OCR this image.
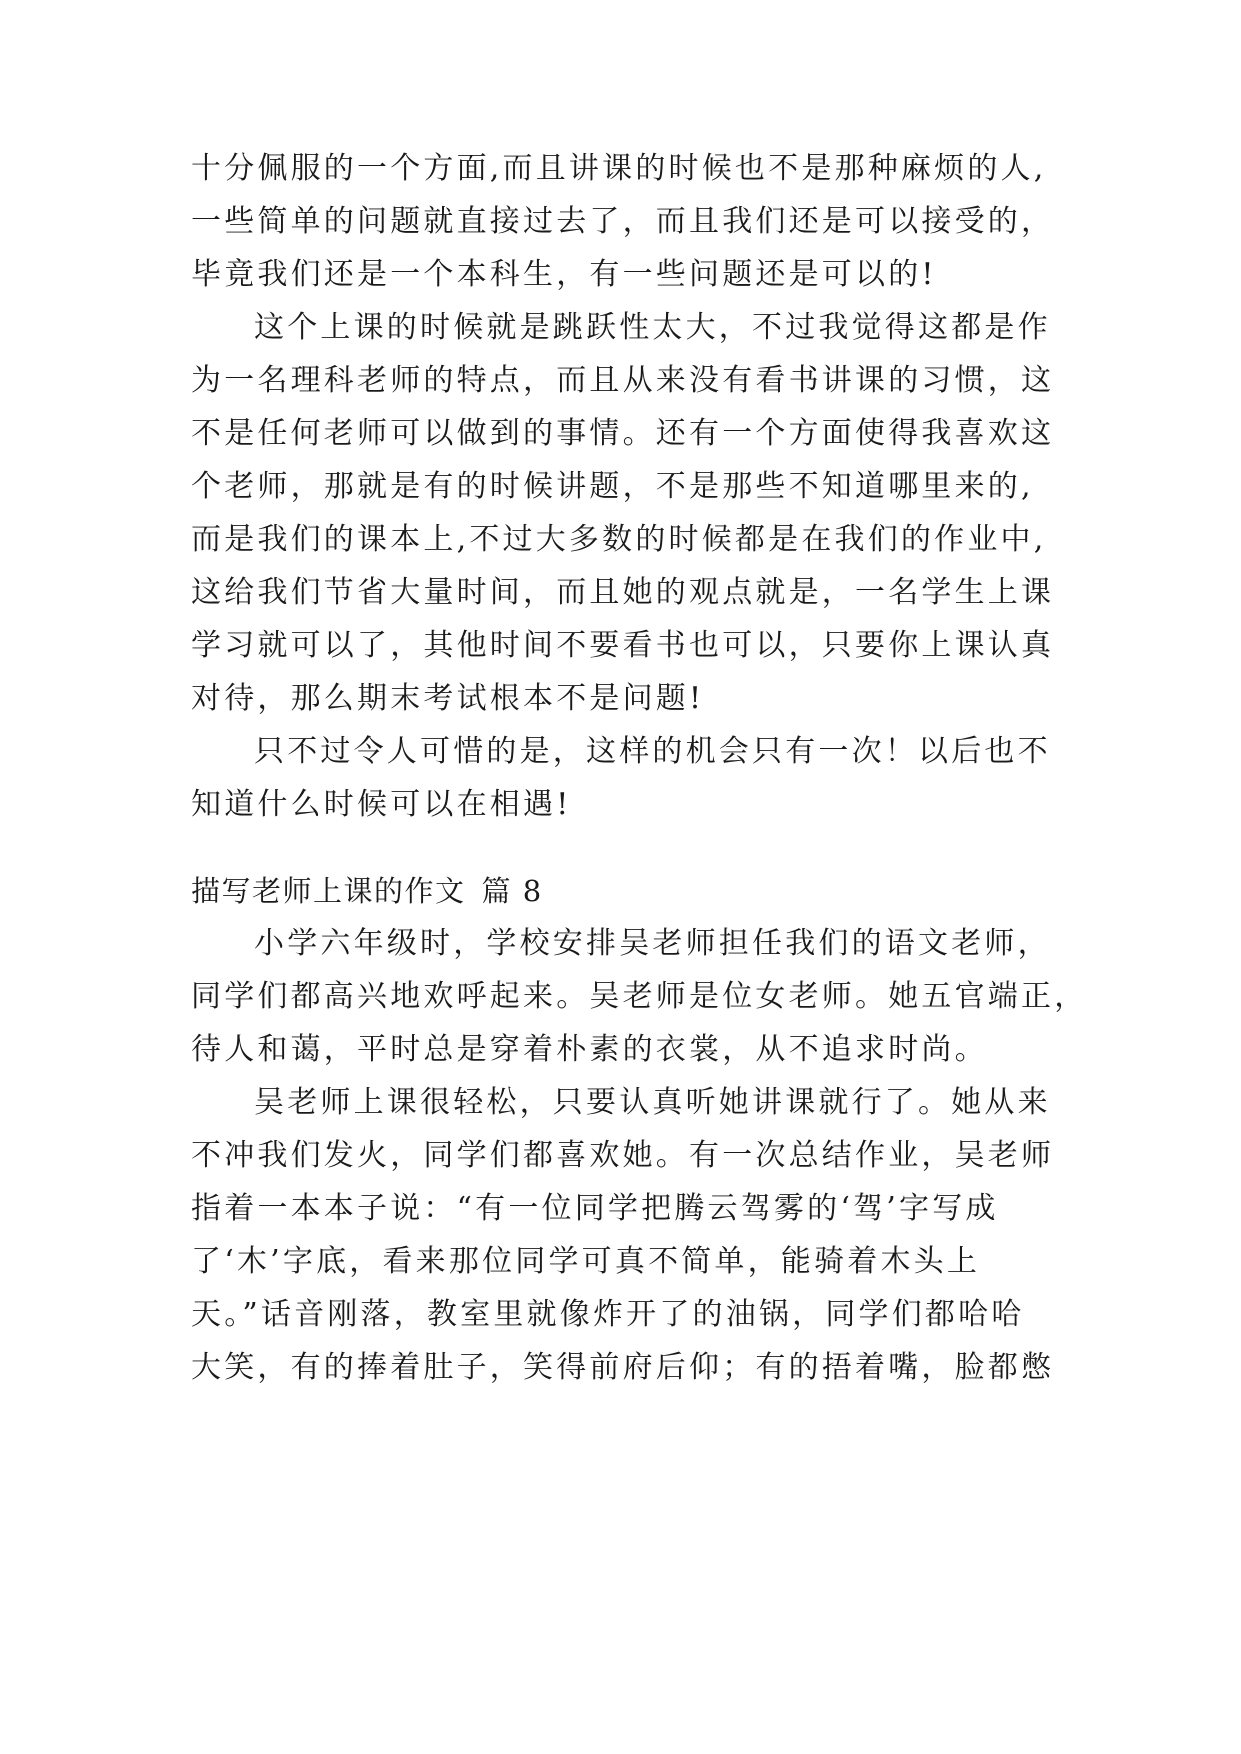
十分佩服的一个方面,而且讲课的时候也不是那种麻烦的人,
一些简单的问题就直接过去了，而且我们还是可以接受的，
毕竟我们还是一个本科生，有一些问题还是可以的!
这个上课的时候就是跳跃性太大，不过我觉得这都是作
为一名理科老师的特点，而且从来没有看书讲课的习惯，这
不是任何老师可以做到的事情。还有一个方面使得我喜欢这
个老师，那就是有的时候讲题，不是那些不知道哪里来的,
而是我们的课本上,不过大多数的时候都是在我们的作业中,
这给我们节省大量时间，而且她的观点就是，一名学生上课
学习就可以了，其他时间不要看书也可以，只要你上课认真
对待，那么期末考试根本不是问题!
只不过令人可惜的是，这样的机会只有一次！以后也不
知道什么时候可以在相遇!
描写老师上课的作文 篇 8
小学六年级时，学校安排吴老师担任我们的语文老师，
同学们都高兴地欢呼起来。吴老师是位女老师。她五官端正，
待人和蔼，平时总是穿着朴素的衣裳，从不追求时尚。
吴老师上课很轻松，只要认真听她讲课就行了。她从来
不冲我们发火，同学们都喜欢她。有一次总结作业，吴老师
指着一本本子说：“有一位同学把腾云驾雾的‘驾’字写成
了‘木’字底，看来那位同学可真不简单，能骑着木头上
天。”话音刚落，教室里就像炸开了的油锅，同学们都哈哈
大笑，有的捧着肚子，笑得前府后仰；有的捂着嘴，脸都憋
